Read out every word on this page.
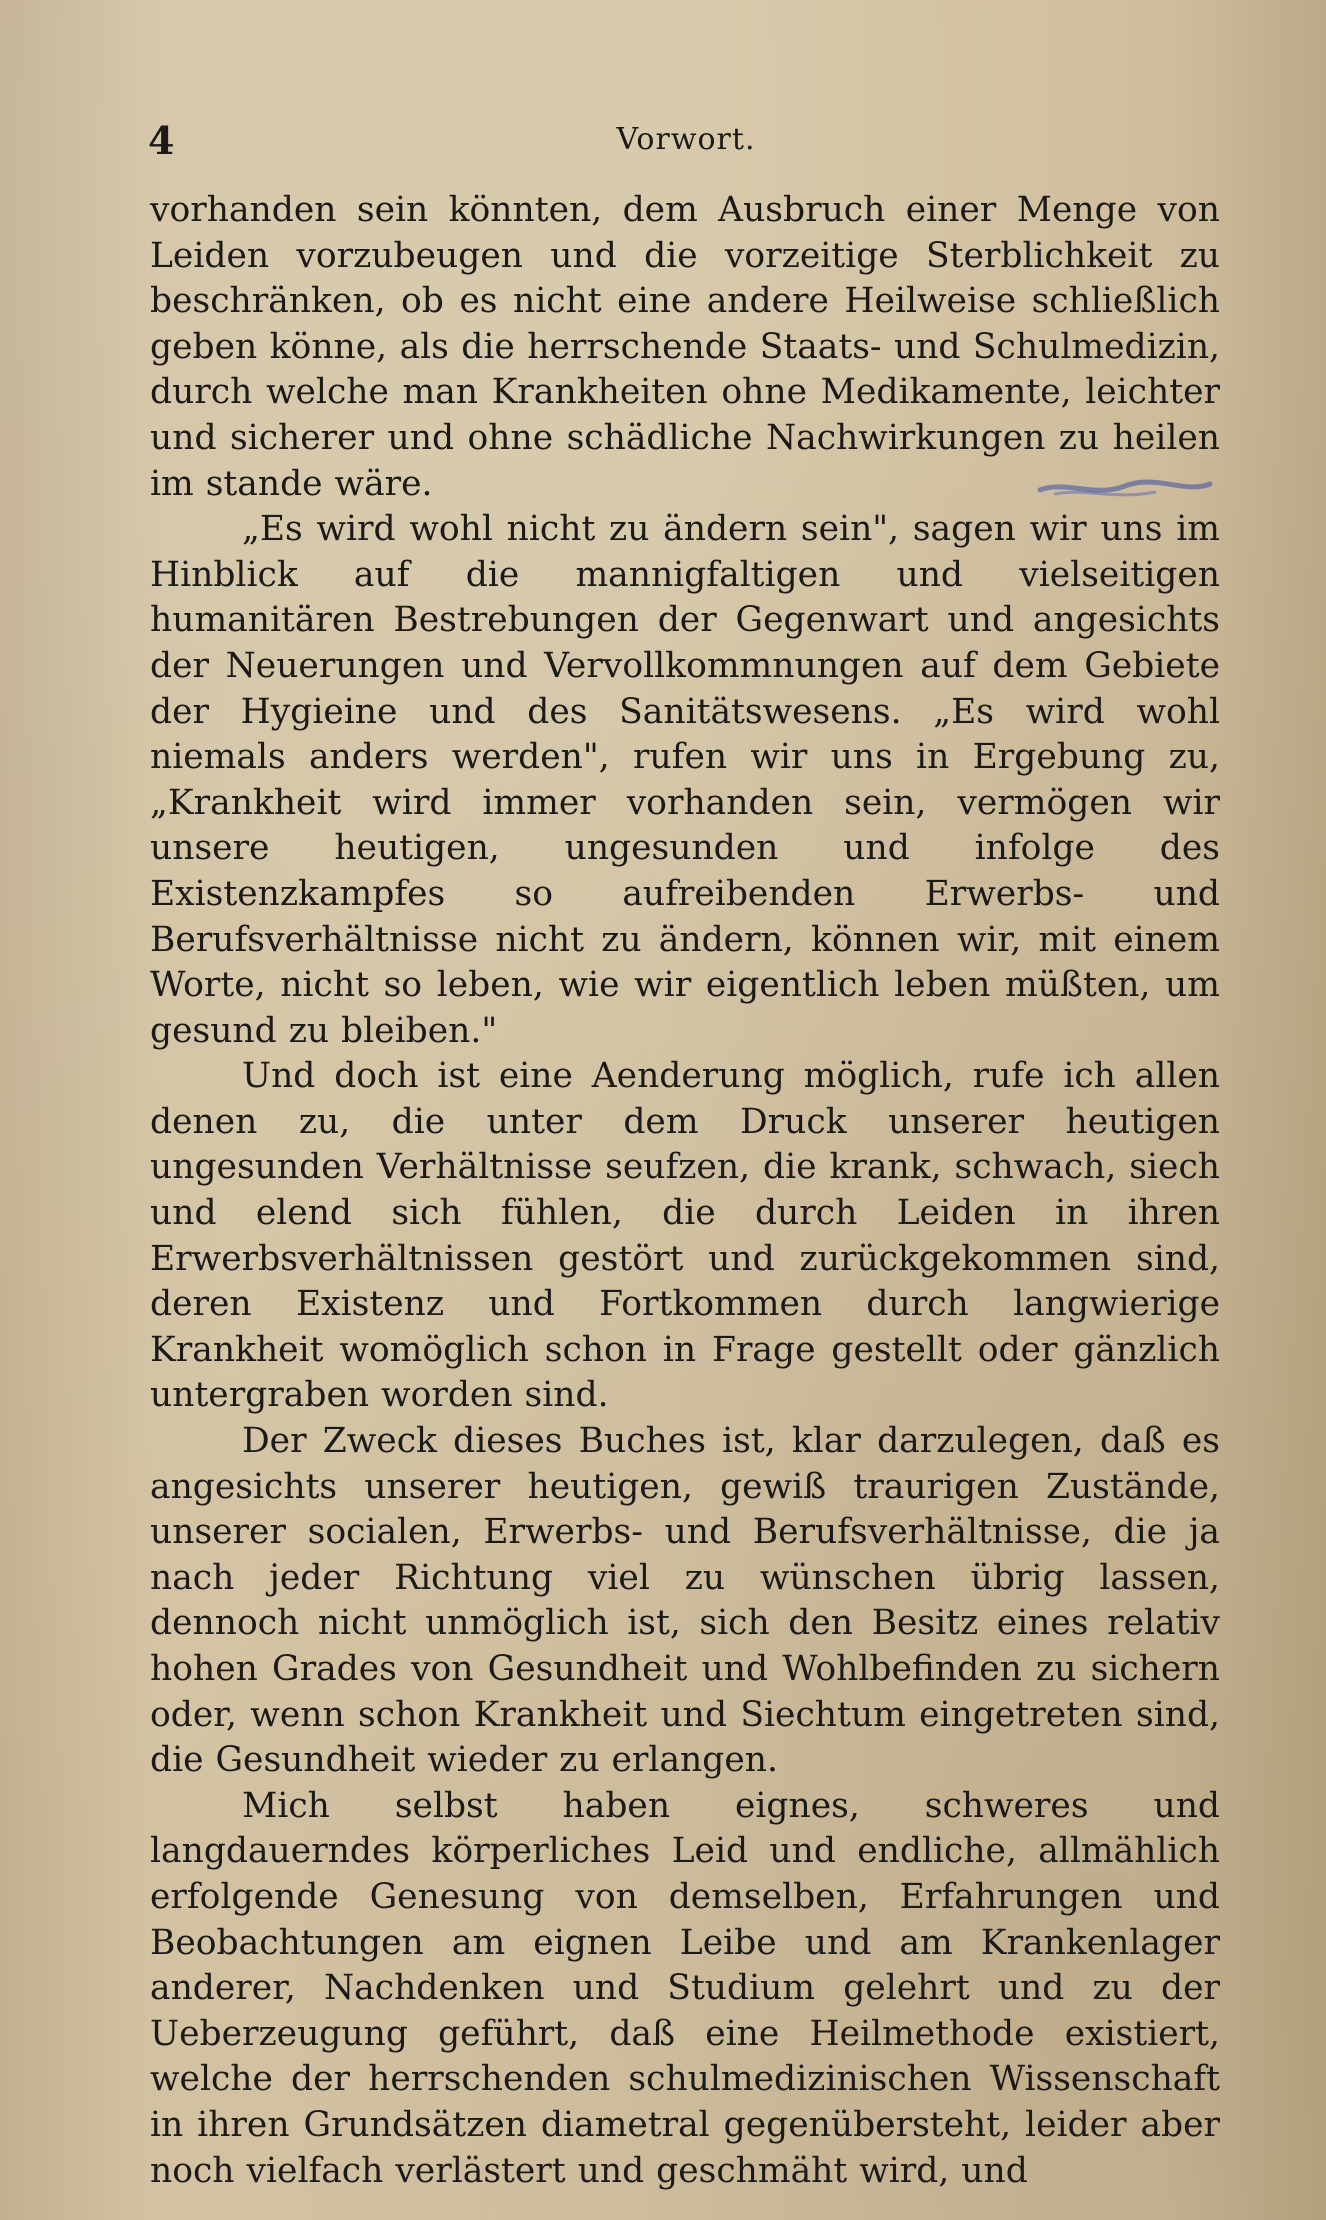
4	Vorwort.

vorhanden sein könnten, dem Ausbruch einer Menge von Leiden vorzubeugen und die vorzeitige Sterblichkeit zu beschränken, ob es nicht eine andere Heilweise schließlich geben könne, als die herrschende Staats- und Schulmedizin, durch welche man Krankheiten ohne Medikamente, leichter und sicherer und ohne schädliche Nachwirkungen zu heilen im stande wäre.

„Es wird wohl nicht zu ändern sein", sagen wir uns im Hinblick auf die mannigfaltigen und vielseitigen humanitären Bestrebungen der Gegenwart und angesichts der Neuerungen und Vervollkommnungen auf dem Gebiete der Hygieine und des Sanitätswesens. „Es wird wohl niemals anders werden", rufen wir uns in Ergebung zu, „Krankheit wird immer vorhanden sein, vermögen wir unsere heutigen, ungesunden und infolge des Existenzkampfes so aufreibenden Erwerbs- und Berufsverhältnisse nicht zu ändern, können wir, mit einem Worte, nicht so leben, wie wir eigentlich leben müßten, um gesund zu bleiben."

Und doch ist eine Aenderung möglich, rufe ich allen denen zu, die unter dem Druck unserer heutigen ungesunden Verhältnisse seufzen, die krank, schwach, siech und elend sich fühlen, die durch Leiden in ihren Erwerbsverhältnissen gestört und zurückgekommen sind, deren Existenz und Fortkommen durch langwierige Krankheit womöglich schon in Frage gestellt oder gänzlich untergraben worden sind.

Der Zweck dieses Buches ist, klar darzulegen, daß es angesichts unserer heutigen, gewiß traurigen Zustände, unserer socialen, Erwerbs- und Berufsverhältnisse, die ja nach jeder Richtung viel zu wünschen übrig lassen, dennoch nicht unmöglich ist, sich den Besitz eines relativ hohen Grades von Gesundheit und Wohlbefinden zu sichern oder, wenn schon Krankheit und Siechtum eingetreten sind, die Gesundheit wieder zu erlangen.

Mich selbst haben eignes, schweres und langdauerndes körperliches Leid und endliche, allmählich erfolgende Genesung von demselben, Erfahrungen und Beobachtungen am eignen Leibe und am Krankenlager anderer, Nachdenken und Studium gelehrt und zu der Ueberzeugung geführt, daß eine Heilmethode existiert, welche der herrschenden schulmedizinischen Wissenschaft in ihren Grundsätzen diametral gegenübersteht, leider aber noch vielfach verlästert und geschmäht wird, und
